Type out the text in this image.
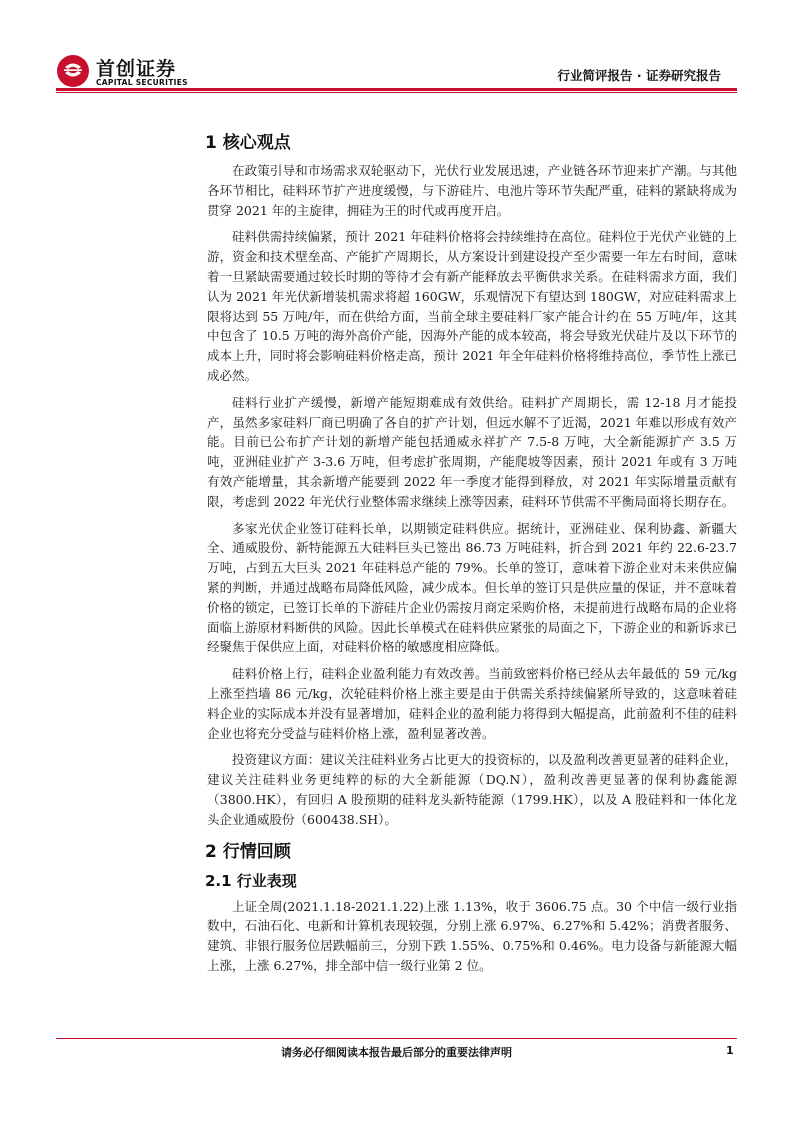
首创证券
CAPITAL SECURITIES	行业简评报告 · 证券研究报告
1 核心观点

在政策引导和市场需求双轮驱动下，光伏行业发展迅速，产业链各环节迎来扩产潮。与其他各环节相比，硅料环节扩产进度缓慢，与下游硅片、电池片等环节失配严重，硅料的紧缺将成为贯穿 2021 年的主旋律，拥硅为王的时代或再度开启。

硅料供需持续偏紧，预计 2021 年硅料价格将会持续维持在高位。硅料位于光伏产业链的上游，资金和技术壁垒高、产能扩产周期长，从方案设计到建设投产至少需要一年左右时间，意味着一旦紧缺需要通过较长时期的等待才会有新产能释放去平衡供求关系。在硅料需求方面，我们认为 2021 年光伏新增装机需求将超 160GW，乐观情况下有望达到 180GW，对应硅料需求上限将达到 55 万吨/年，而在供给方面，当前全球主要硅料厂家产能合计约在 55 万吨/年，这其中包含了 10.5 万吨的海外高价产能，因海外产能的成本较高，将会导致光伏硅片及以下环节的成本上升，同时将会影响硅料价格走高，预计 2021 年全年硅料价格将维持高位，季节性上涨已成必然。

硅料行业扩产缓慢，新增产能短期难成有效供给。硅料扩产周期长，需 12-18 月才能投产，虽然多家硅料厂商已明确了各自的扩产计划，但远水解不了近渴，2021 年难以形成有效产能。目前已公布扩产计划的新增产能包括通威永祥扩产 7.5-8 万吨，大全新能源扩产 3.5 万吨，亚洲硅业扩产 3-3.6 万吨，但考虑扩张周期，产能爬坡等因素，预计 2021 年或有 3 万吨有效产能增量，其余新增产能要到 2022 年一季度才能得到释放，对 2021 年实际增量贡献有限，考虑到 2022 年光伏行业整体需求继续上涨等因素，硅料环节供需不平衡局面将长期存在。

多家光伏企业签订硅料长单，以期锁定硅料供应。据统计，亚洲硅业、保利协鑫、新疆大全、通威股份、新特能源五大硅料巨头已签出 86.73 万吨硅料，折合到 2021 年约 22.6-23.7 万吨，占到五大巨头 2021 年硅料总产能的 79%。长单的签订，意味着下游企业对未来供应偏紧的判断，并通过战略布局降低风险，减少成本。但长单的签订只是供应量的保证，并不意味着价格的锁定，已签订长单的下游硅片企业仍需按月商定采购价格，未提前进行战略布局的企业将面临上游原材料断供的风险。因此长单模式在硅料供应紧张的局面之下，下游企业的和新诉求已经聚焦于保供应上面，对硅料价格的敏感度相应降低。

硅料价格上行，硅料企业盈利能力有效改善。当前致密料价格已经从去年最低的 59 元/kg 上涨至挡墙 86 元/kg，次轮硅料价格上涨主要是由于供需关系持续偏紧所导致的，这意味着硅料企业的实际成本并没有显著增加，硅料企业的盈利能力将得到大幅提高，此前盈利不佳的硅料企业也将充分受益与硅料价格上涨，盈利显著改善。

投资建议方面：建议关注硅料业务占比更大的投资标的，以及盈利改善更显著的硅料企业，建议关注硅料业务更纯粹的标的大全新能源（DQ.N），盈利改善更显著的保利协鑫能源（3800.HK），有回归 A 股预期的硅料龙头新特能源（1799.HK），以及 A 股硅料和一体化龙头企业通威股份（600438.SH）。

2 行情回顾
2.1 行业表现

上证全周(2021.1.18-2021.1.22)上涨 1.13%，收于 3606.75 点。30 个中信一级行业指数中，石油石化、电新和计算机表现较强，分别上涨 6.97%、6.27%和 5.42%；消费者服务、建筑、非银行服务位居跌幅前三，分别下跌 1.55%、0.75%和 0.46%。电力设备与新能源大幅上涨，上涨 6.27%，排全部中信一级行业第 2 位。

请务必仔细阅读本报告最后部分的重要法律声明	1
